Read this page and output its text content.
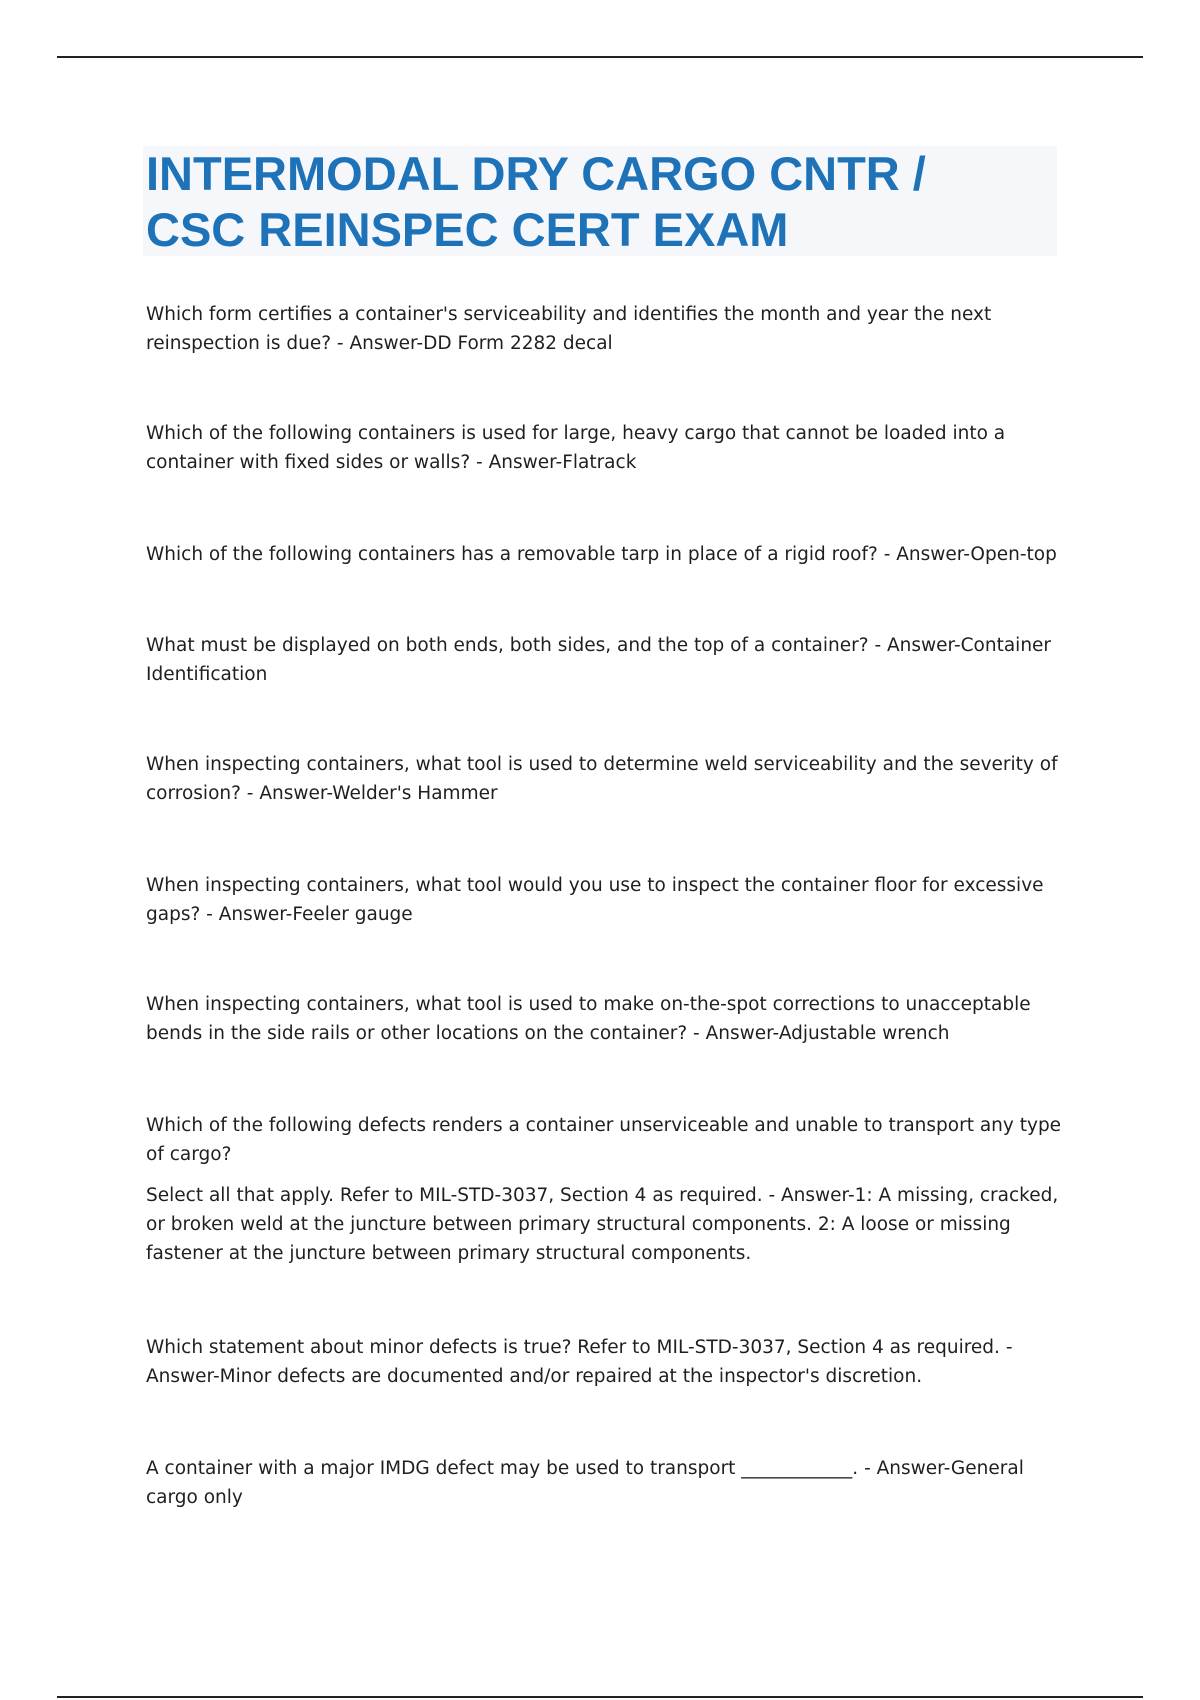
INTERMODAL DRY CARGO CNTR /
CSC REINSPEC CERT EXAM

Which form certifies a container's serviceability and identifies the month and year the next reinspection is due? - Answer-DD Form 2282 decal

Which of the following containers is used for large, heavy cargo that cannot be loaded into a container with fixed sides or walls? - Answer-Flatrack

Which of the following containers has a removable tarp in place of a rigid roof? - Answer-Open-top

What must be displayed on both ends, both sides, and the top of a container? - Answer-Container Identification

When inspecting containers, what tool is used to determine weld serviceability and the severity of corrosion? - Answer-Welder's Hammer

When inspecting containers, what tool would you use to inspect the container floor for excessive gaps? - Answer-Feeler gauge

When inspecting containers, what tool is used to make on-the-spot corrections to unacceptable bends in the side rails or other locations on the container? - Answer-Adjustable wrench

Which of the following defects renders a container unserviceable and unable to transport any type of cargo?

Select all that apply. Refer to MIL-STD-3037, Section 4 as required. - Answer-1: A missing, cracked, or broken weld at the juncture between primary structural components. 2: A loose or missing fastener at the juncture between primary structural components.

Which statement about minor defects is true? Refer to MIL-STD-3037, Section 4 as required. - Answer-Minor defects are documented and/or repaired at the inspector's discretion.

A container with a major IMDG defect may be used to transport ____________. - Answer-General cargo only
